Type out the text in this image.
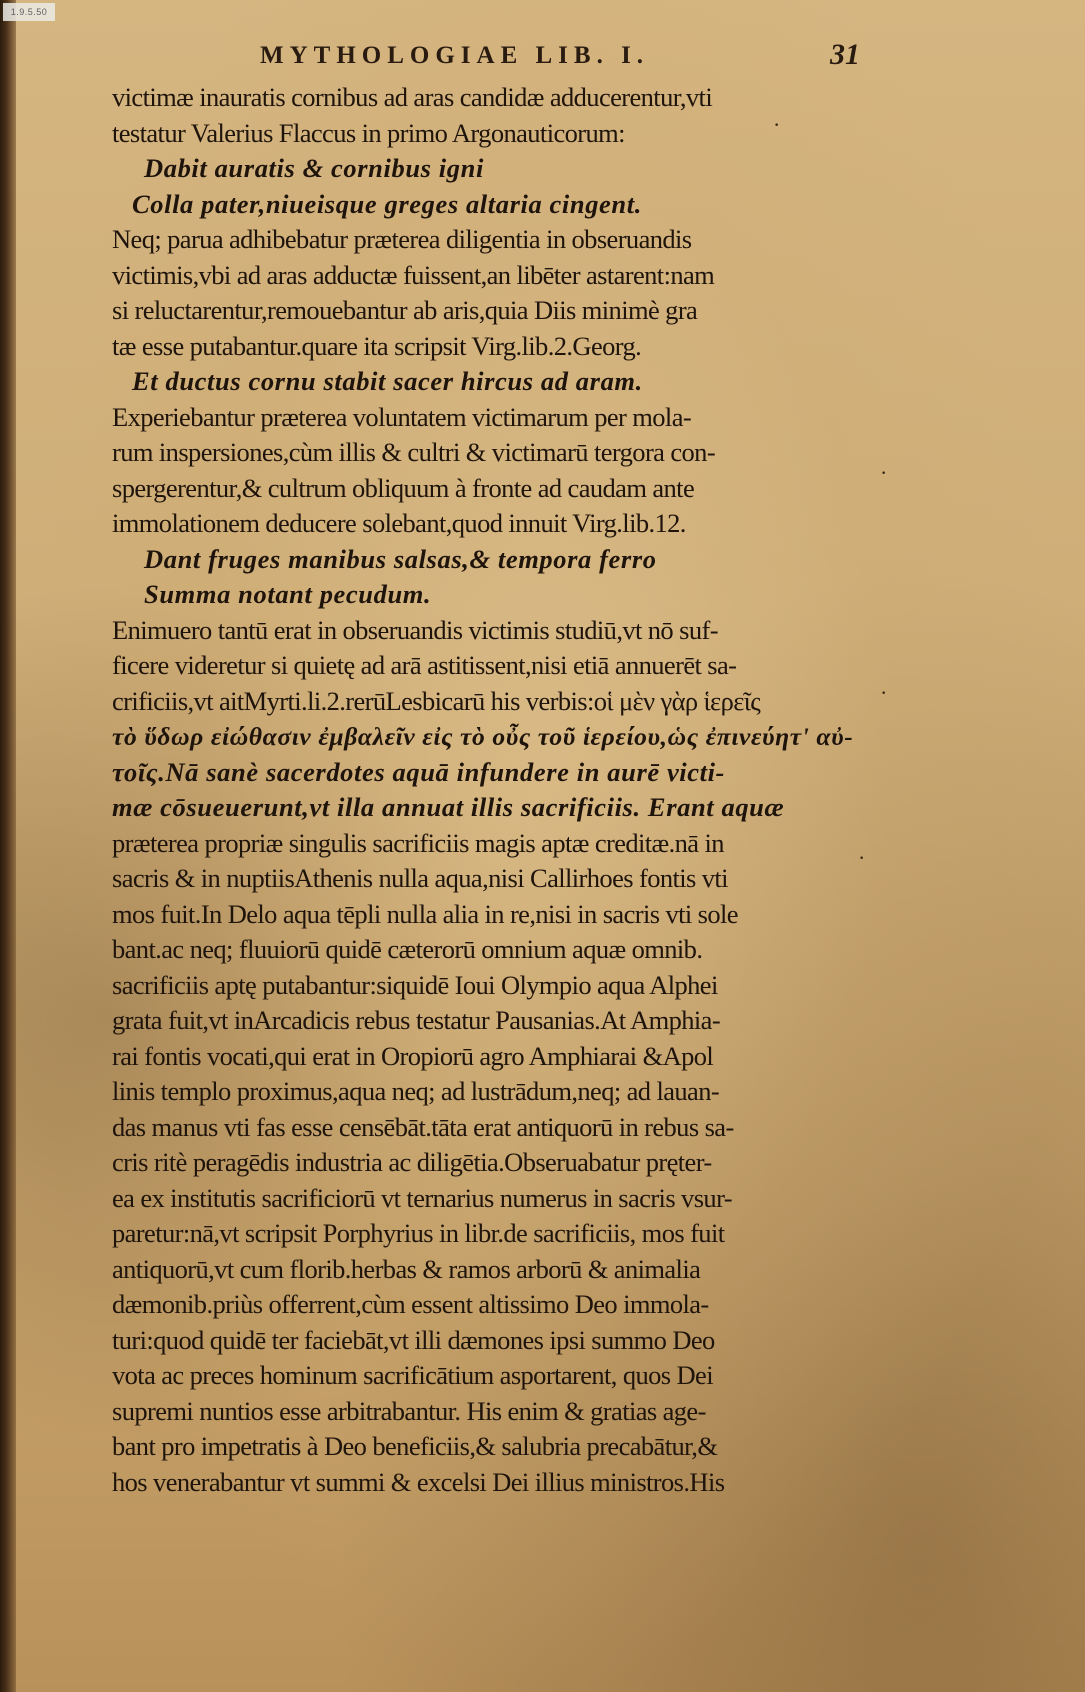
1.9.5.50
MYTHOLOGIAE LIB. I.	31
·
·
·
·
victimæ inauratis cornibus ad aras candidæ adducerentur,vti
testatur Valerius Flaccus in primo Argonauticorum:
Dabit auratis & cornibus igni
Colla pater,niueisque greges altaria cingent.
Neq; parua adhibebatur præterea diligentia in obseruandis
victimis,vbi ad aras adductæ fuissent,an libēter astarent:nam
si reluctarentur,remouebantur ab aris,quia Diis minimè gra
tæ esse putabantur.quare ita scripsit Virg.lib.2.Georg.
Et ductus cornu stabit sacer hircus ad aram.
Experiebantur præterea voluntatem victimarum per mola-
rum inspersiones,cùm illis & cultri & victimarū tergora con-
spergerentur,& cultrum obliquum à fronte ad caudam ante
immolationem deducere solebant,quod innuit Virg.lib.12.
Dant fruges manibus salsas,& tempora ferro
Summa notant pecudum.
Enimuero tantū erat in obseruandis victimis studiū,vt nō suf-
ficere videretur si quietę ad arā astitissent,nisi etiā annuerēt sa-
crificiis,vt aitMyrti.li.2.rerūLesbicarū his verbis:οἱ μὲν γὰρ ἱερεῖς
τὸ ὕδωρ εἰώθασιν ἐμβαλεῖν εἰς τὸ οὖς τοῦ ἱερείου,ὡς ἐπινεύητ' αὐ-
τοῖς.Nā sanè sacerdotes aquā infundere in aurē victi-
mæ cōsueuerunt,vt illa annuat illis sacrificiis. Erant aquæ
præterea propriæ singulis sacrificiis magis aptæ creditæ.nā in
sacris & in nuptiisAthenis nulla aqua,nisi Callirhoes fontis vti
mos fuit.In Delo aqua tēpli nulla alia in re,nisi in sacris vti sole
bant.ac neq; fluuiorū quidē cæterorū omnium aquæ omnib.
sacrificiis aptę putabantur:siquidē Ioui Olympio aqua Alphei
grata fuit,vt inArcadicis rebus testatur Pausanias.At Amphia-
rai fontis vocati,qui erat in Oropiorū agro Amphiarai &Apol
linis templo proximus,aqua neq; ad lustrādum,neq; ad lauan-
das manus vti fas esse censēbāt.tāta erat antiquorū in rebus sa-
cris ritè peragēdis industria ac diligētia.Obseruabatur pręter-
ea ex institutis sacrificiorū vt ternarius numerus in sacris vsur-
paretur:nā,vt scripsit Porphyrius in libr.de sacrificiis, mos fuit
antiquorū,vt cum florib.herbas & ramos arborū & animalia
dæmonib.priùs offerrent,cùm essent altissimo Deo immola-
turi:quod quidē ter faciebāt,vt illi dæmones ipsi summo Deo
vota ac preces hominum sacrificātium asportarent, quos Dei
supremi nuntios esse arbitrabantur. His enim & gratias age-
bant pro impetratis à Deo beneficiis,& salubria precabātur,&
hos venerabantur vt summi & excelsi Dei illius ministros.His
